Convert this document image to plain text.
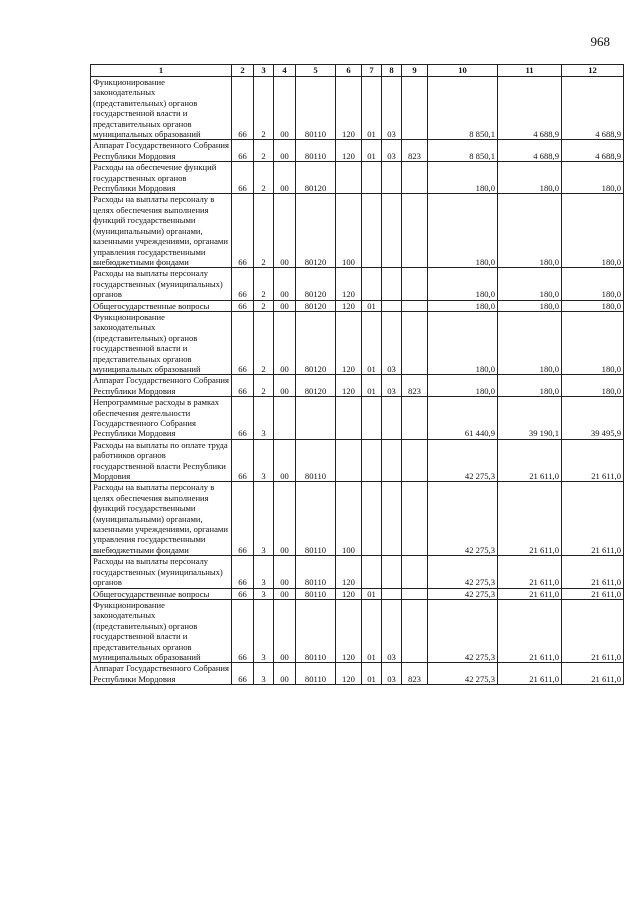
968
1	2	3	4	5	6	7	8	9	10	11	12
Функционирование законодательных (представительных) органов государственной власти и представительных органов муниципальных образований	66	2	00	80110	120	01	03		8 850,1	4 688,9	4 688,9
Аппарат Государственного Собрания Республики Мордовия	66	2	00	80110	120	01	03	823	8 850,1	4 688,9	4 688,9
Расходы на обеспечение функций государственных органов Республики Мордовия	66	2	00	80120					180,0	180,0	180,0
Расходы на выплаты персоналу в целях обеспечения выполнения функций государственными (муниципальными) органами, казенными учреждениями, органами управления государственными внебюджетными фондами	66	2	00	80120	100				180,0	180,0	180,0
Расходы на выплаты персоналу государственных (муниципальных) органов	66	2	00	80120	120				180,0	180,0	180,0
Общегосударственные вопросы	66	2	00	80120	120	01			180,0	180,0	180,0
Функционирование законодательных (представительных) органов государственной власти и представительных органов муниципальных образований	66	2	00	80120	120	01	03		180,0	180,0	180,0
Аппарат Государственного Собрания Республики Мордовия	66	2	00	80120	120	01	03	823	180,0	180,0	180,0
Непрограммные расходы в рамках обеспечения деятельности Государственного Собрания Республики Мордовия	66	3							61 440,9	39 190,1	39 495,9
Расходы на выплаты по оплате труда работников органов государственной власти Республики Мордовия	66	3	00	80110					42 275,3	21 611,0	21 611,0
Расходы на выплаты персоналу в целях обеспечения выполнения функций государственными (муниципальными) органами, казенными учреждениями, органами управления государственными внебюджетными фондами	66	3	00	80110	100				42 275,3	21 611,0	21 611,0
Расходы на выплаты персоналу государственных (муниципальных) органов	66	3	00	80110	120				42 275,3	21 611,0	21 611,0
Общегосударственные вопросы	66	3	00	80110	120	01			42 275,3	21 611,0	21 611,0
Функционирование законодательных (представительных) органов государственной власти и представительных органов муниципальных образований	66	3	00	80110	120	01	03		42 275,3	21 611,0	21 611,0
Аппарат Государственного Собрания Республики Мордовия	66	3	00	80110	120	01	03	823	42 275,3	21 611,0	21 611,0
